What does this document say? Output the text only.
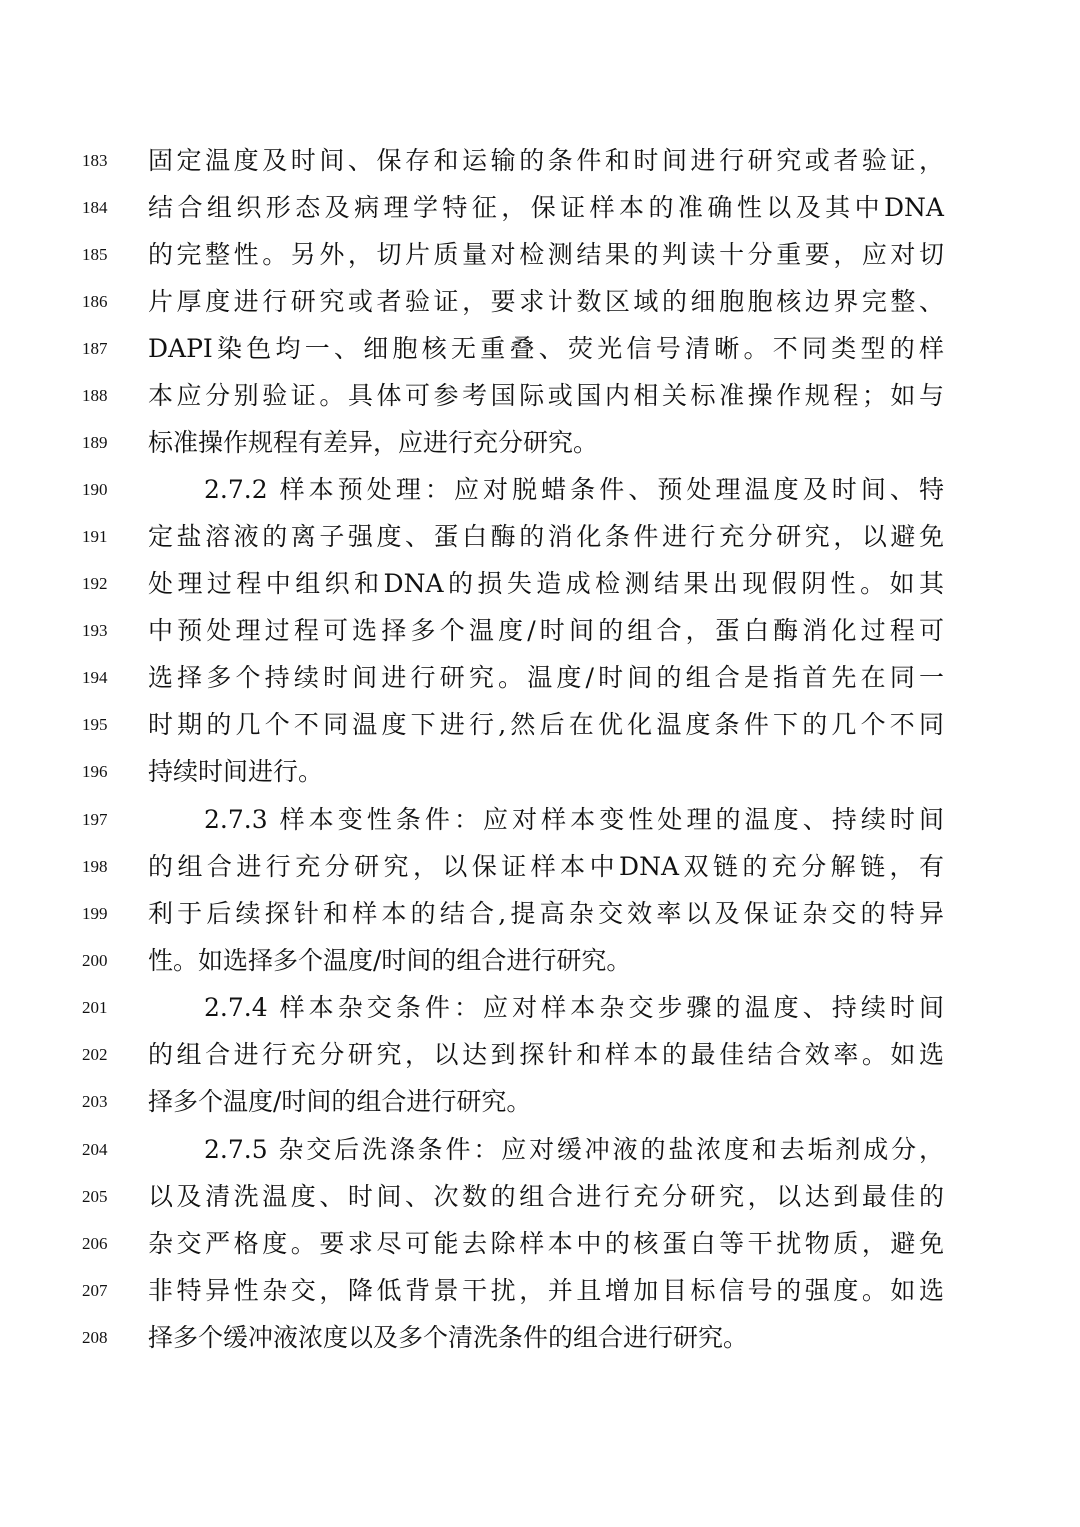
183	固定温度及时间、保存和运输的条件和时间进行研究或者验证，
184	结合组织形态及病理学特征，保证样本的准确性以及其中DNA
185	的完整性。另外，切片质量对检测结果的判读十分重要，应对切
186	片厚度进行研究或者验证，要求计数区域的细胞胞核边界完整、
187	DAPI染色均一、细胞核无重叠、荧光信号清晰。不同类型的样
188	本应分别验证。具体可参考国际或国内相关标准操作规程；如与
189	标准操作规程有差异，应进行充分研究。
190	2.7.2 样本预处理：应对脱蜡条件、预处理温度及时间、特
191	定盐溶液的离子强度、蛋白酶的消化条件进行充分研究，以避免
192	处理过程中组织和DNA的损失造成检测结果出现假阴性。如其
193	中预处理过程可选择多个温度/时间的组合，蛋白酶消化过程可
194	选择多个持续时间进行研究。温度/时间的组合是指首先在同一
195	时期的几个不同温度下进行,然后在优化温度条件下的几个不同
196	持续时间进行。
197	2.7.3 样本变性条件：应对样本变性处理的温度、持续时间
198	的组合进行充分研究，以保证样本中DNA双链的充分解链，有
199	利于后续探针和样本的结合,提高杂交效率以及保证杂交的特异
200	性。如选择多个温度/时间的组合进行研究。
201	2.7.4 样本杂交条件：应对样本杂交步骤的温度、持续时间
202	的组合进行充分研究，以达到探针和样本的最佳结合效率。如选
203	择多个温度/时间的组合进行研究。
204	2.7.5 杂交后洗涤条件：应对缓冲液的盐浓度和去垢剂成分，
205	以及清洗温度、时间、次数的组合进行充分研究，以达到最佳的
206	杂交严格度。要求尽可能去除样本中的核蛋白等干扰物质，避免
207	非特异性杂交，降低背景干扰，并且增加目标信号的强度。如选
208	择多个缓冲液浓度以及多个清洗条件的组合进行研究。
